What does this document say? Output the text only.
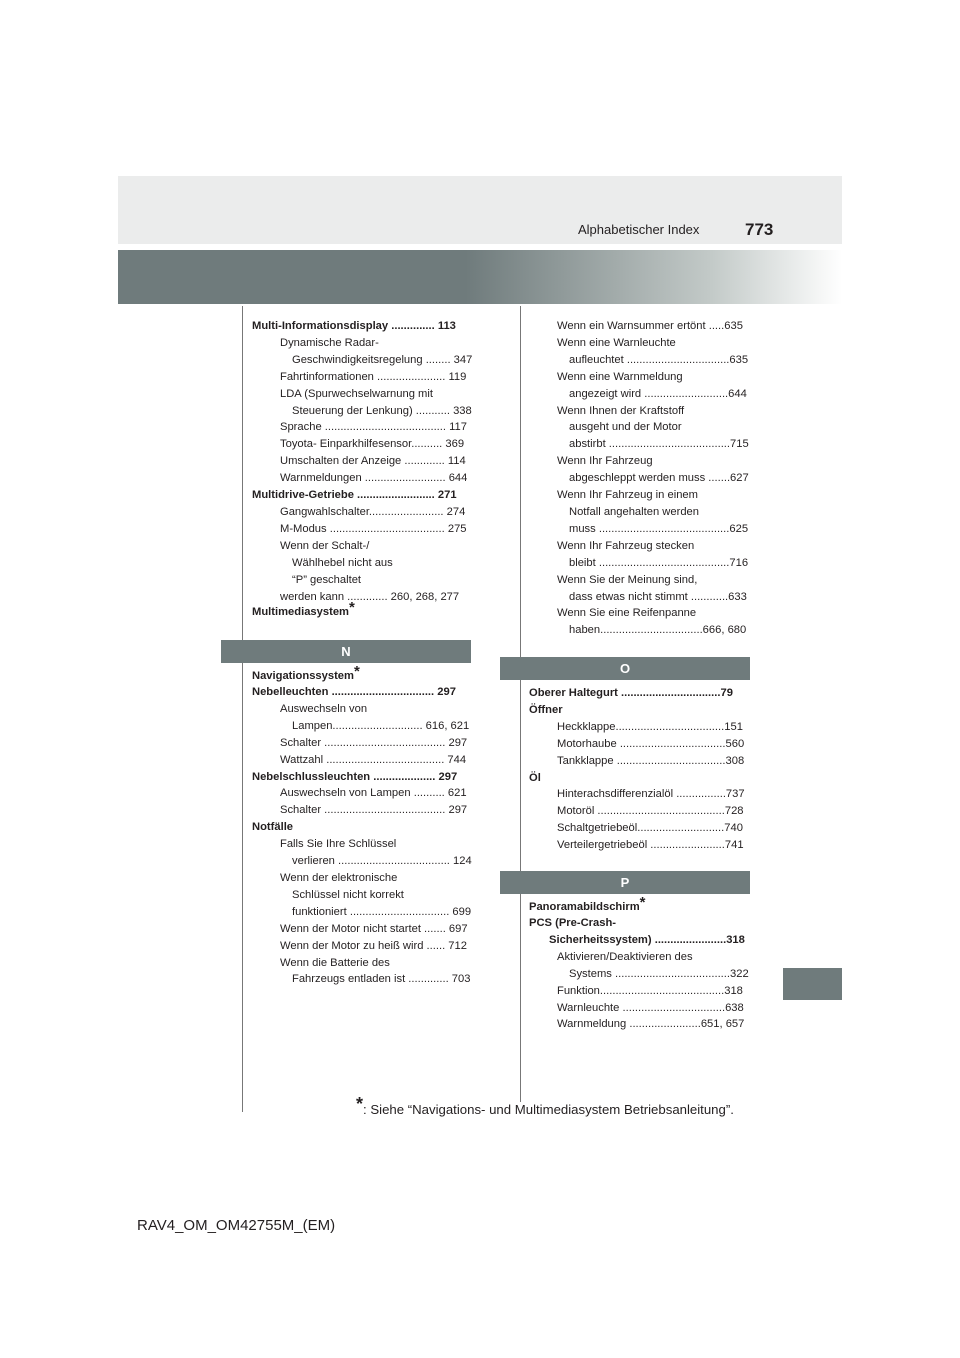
773
Alphabetischer Index
Multi-Informationsdisplay .............. 113
Dynamische Radar-
Geschwindigkeitsregelung ........ 347
Fahrtinformationen ...................... 119
LDA (Spurwechselwarnung mit
Steuerung der Lenkung) ........... 338
Sprache ....................................... 117
Toyota- Einparkhilfesensor.......... 369
Umschalten der Anzeige ............. 114
Warnmeldungen .......................... 644
Multidrive-Getriebe ......................... 271
Gangwahlschalter........................ 274
M-Modus ..................................... 275
Wenn der Schalt-/
Wählhebel nicht aus
“P” geschaltet
werden kann ............. 260, 268, 277
Multimediasystem*
N
Navigationssystem*
Nebelleuchten ................................. 297
Auswechseln von
Lampen............................. 616, 621
Schalter ....................................... 297
Wattzahl ...................................... 744
Nebelschlussleuchten .................... 297
Auswechseln von Lampen .......... 621
Schalter ....................................... 297
Notfälle
Falls Sie Ihre Schlüssel
verlieren .................................... 124
Wenn der elektronische
Schlüssel nicht korrekt
funktioniert ................................ 699
Wenn der Motor nicht startet ....... 697
Wenn der Motor zu heiß wird ...... 712
Wenn die Batterie des
Fahrzeugs entladen ist ............. 703
Wenn ein Warnsummer ertönt .....635
Wenn eine Warnleuchte
aufleuchtet .................................635
Wenn eine Warnmeldung
angezeigt wird ...........................644
Wenn Ihnen der Kraftstoff
ausgeht und der Motor
abstirbt .......................................715
Wenn Ihr Fahrzeug
abgeschleppt werden muss .......627
Wenn Ihr Fahrzeug in einem
Notfall angehalten werden
muss ..........................................625
Wenn Ihr Fahrzeug stecken
bleibt ..........................................716
Wenn Sie der Meinung sind,
dass etwas nicht stimmt ............633
Wenn Sie eine Reifenpanne
haben.................................666, 680
O
Oberer Haltegurt ................................79
Öffner
Heckklappe...................................151
Motorhaube ..................................560
Tankklappe ...................................308
Öl
Hinterachsdifferenzialöl ................737
Motoröl .........................................728
Schaltgetriebeöl............................740
Verteilergetriebeöl ........................741
P
Panoramabildschirm*
PCS (Pre-Crash-
Sicherheitssystem) .......................318
Aktivieren/Deaktivieren des
Systems .....................................322
Funktion........................................318
Warnleuchte .................................638
Warnmeldung .......................651, 657
*: Siehe “Navigations- und Multimediasystem Betriebsanleitung”.
RAV4_OM_OM42755M_(EM)
